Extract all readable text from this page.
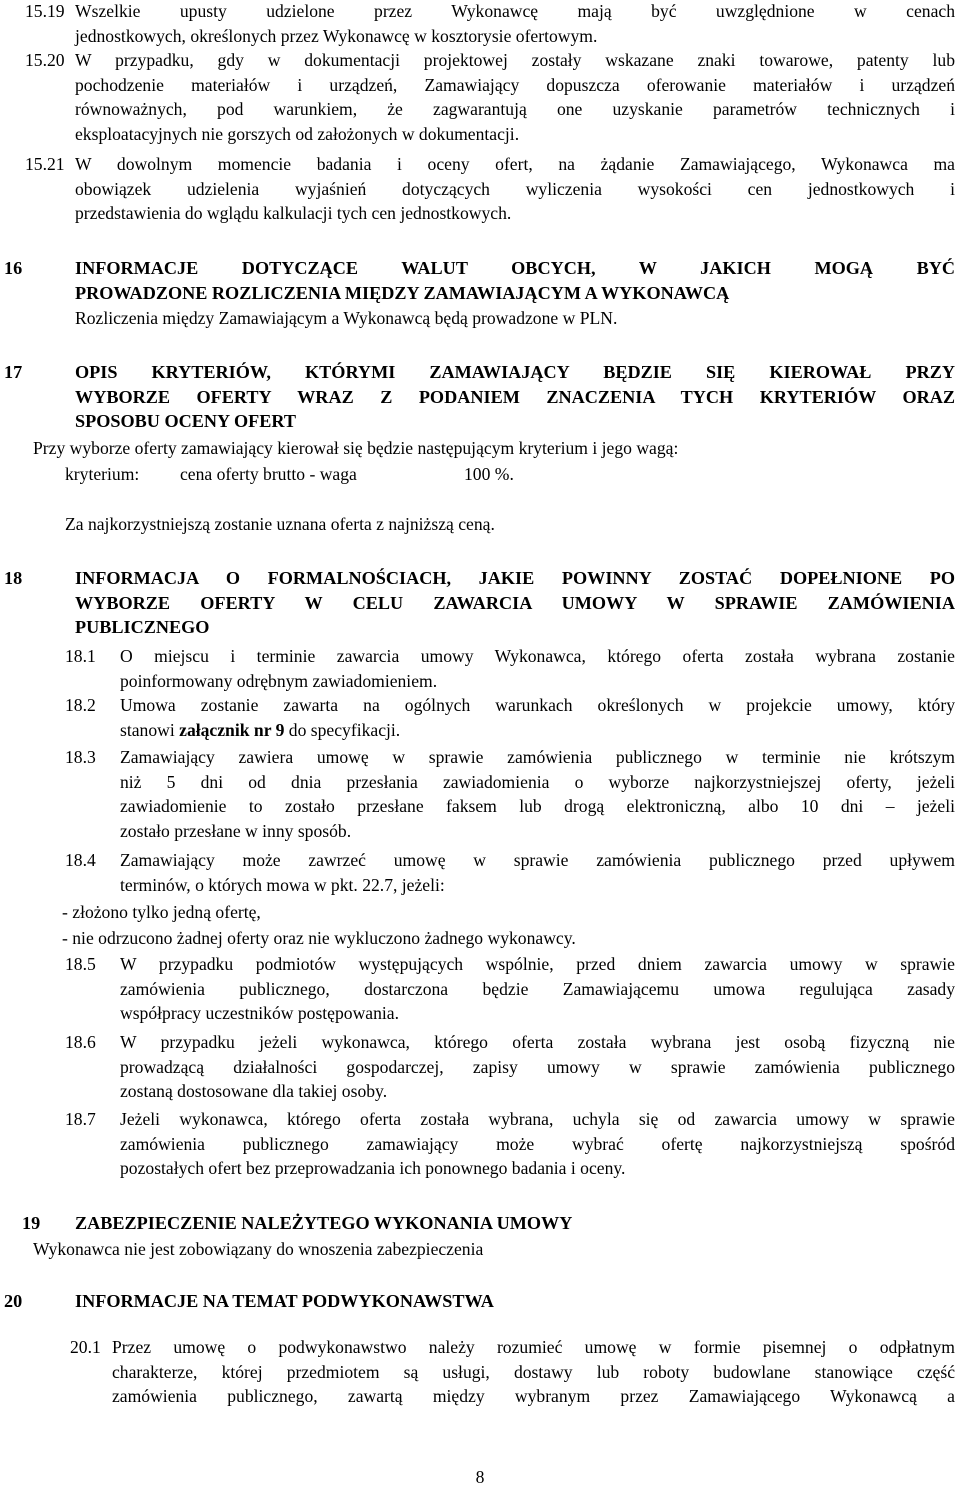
15.19 Wszelkie upusty udzielone przez Wykonawcę mają być uwzględnione w cenach
jednostkowych, określonych przez Wykonawcę w kosztorysie ofertowym.
15.20 W przypadku, gdy w dokumentacji projektowej zostały wskazane znaki towarowe, patenty lub
pochodzenie materiałów i urządzeń, Zamawiający dopuszcza oferowanie materiałów i urządzeń
równoważnych, pod warunkiem, że zagwarantują one uzyskanie parametrów technicznych i
eksploatacyjnych nie gorszych od założonych w dokumentacji.
15.21 W dowolnym momencie badania i oceny ofert, na żądanie Zamawiającego, Wykonawca ma
obowiązek udzielenia wyjaśnień dotyczących wyliczenia wysokości cen jednostkowych i
przedstawienia do wglądu kalkulacji tych cen jednostkowych.
16	INFORMACJE DOTYCZĄCE WALUT OBCYCH, W JAKICH MOGĄ BYĆ
PROWADZONE ROZLICZENIA MIĘDZY ZAMAWIAJĄCYM A WYKONAWCĄ
Rozliczenia między Zamawiającym a Wykonawcą będą prowadzone w PLN.
17	OPIS KRYTERIÓW, KTÓRYMI ZAMAWIAJĄCY BĘDZIE SIĘ KIEROWAŁ PRZY
WYBORZE OFERTY WRAZ Z PODANIEM ZNACZENIA TYCH KRYTERIÓW ORAZ
SPOSOBU OCENY OFERT
Przy wyborze oferty zamawiający kierował się będzie następującym kryterium i jego wagą:
kryterium: cena oferty brutto - waga	100 %.
Za najkorzystniejszą zostanie uznana oferta z najniższą ceną.
18	INFORMACJA O FORMALNOŚCIACH, JAKIE POWINNY ZOSTAĆ DOPEŁNIONE PO
WYBORZE OFERTY W CELU ZAWARCIA UMOWY W SPRAWIE ZAMÓWIENIA
PUBLICZNEGO
18.1 O miejscu i terminie zawarcia umowy Wykonawca, którego oferta została wybrana zostanie
poinformowany odrębnym zawiadomieniem.
18.2 Umowa zostanie zawarta na ogólnych warunkach określonych w projekcie umowy, który
stanowi załącznik nr 9 do specyfikacji.
18.3 Zamawiający zawiera umowę w sprawie zamówienia publicznego w terminie nie krótszym
niż 5 dni od dnia przesłania zawiadomienia o wyborze najkorzystniejszej oferty, jeżeli
zawiadomienie to zostało przesłane faksem lub drogą elektroniczną, albo 10 dni – jeżeli
zostało przesłane w inny sposób.
18.4 Zamawiający może zawrzeć umowę w sprawie zamówienia publicznego przed upływem
terminów, o których mowa w pkt. 22.7, jeżeli:
- złożono tylko jedną ofertę,
- nie odrzucono żadnej oferty oraz nie wykluczono żadnego wykonawcy.
18.5 W przypadku podmiotów występujących wspólnie, przed dniem zawarcia umowy w sprawie
zamówienia publicznego, dostarczona będzie Zamawiającemu umowa regulująca zasady
współpracy uczestników postępowania.
18.6 W przypadku jeżeli wykonawca, którego oferta została wybrana jest osobą fizyczną nie
prowadzącą działalności gospodarczej, zapisy umowy w sprawie zamówienia publicznego
zostaną dostosowane dla takiej osoby.
18.7 Jeżeli wykonawca, którego oferta została wybrana, uchyla się od zawarcia umowy w sprawie
zamówienia publicznego zamawiający może wybrać ofertę najkorzystniejszą spośród
pozostałych ofert bez przeprowadzania ich ponownego badania i oceny.
19 ZABEZPIECZENIE NALEŻYTEGO WYKONANIA UMOWY
Wykonawca nie jest zobowiązany do wnoszenia zabezpieczenia
20	INFORMACJE NA TEMAT PODWYKONAWSTWA
20.1 Przez umowę o podwykonawstwo należy rozumieć umowę w formie pisemnej o odpłatnym
charakterze, której przedmiotem są usługi, dostawy lub roboty budowlane stanowiące część
zamówienia publicznego, zawartą między wybranym przez Zamawiającego Wykonawcą a
8
